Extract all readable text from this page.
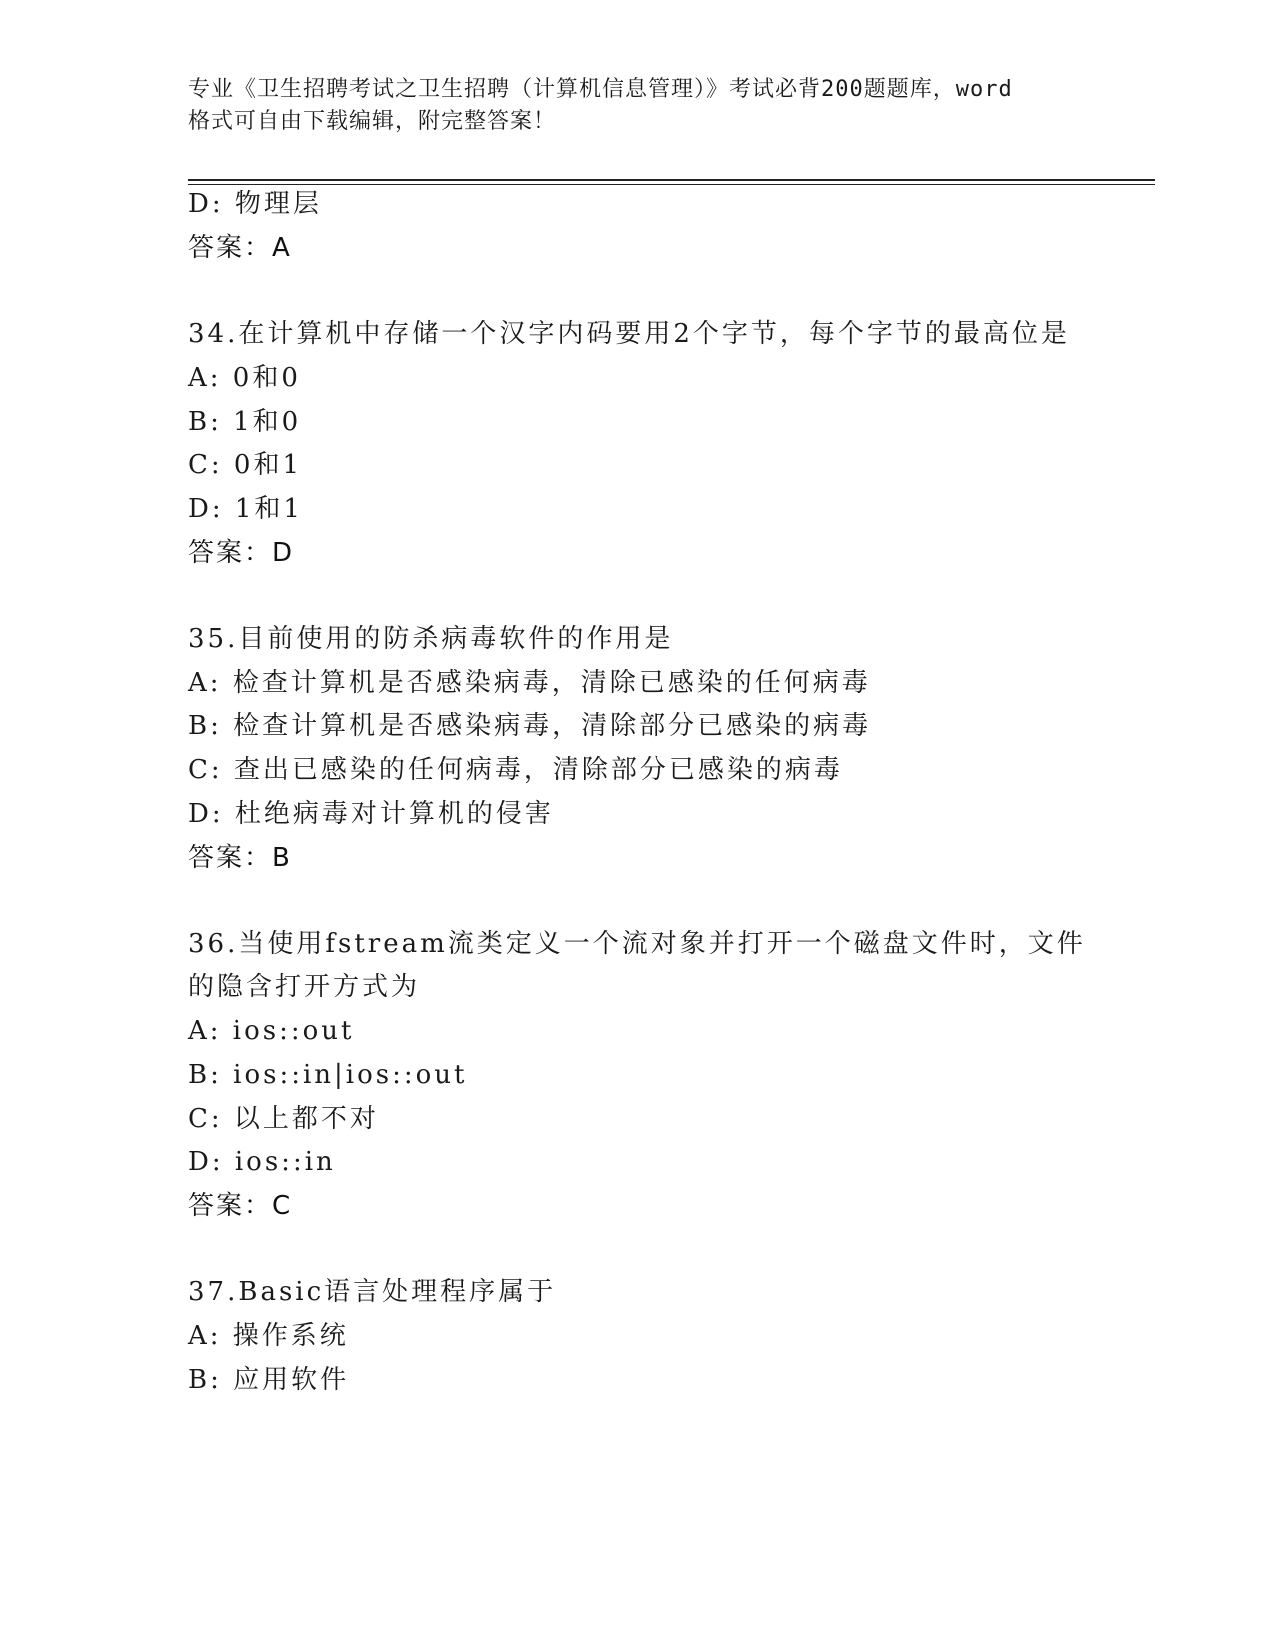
专业《卫生招聘考试之卫生招聘（计算机信息管理）》考试必背200题题库，word
格式可自由下载编辑，附完整答案！
D: 物理层
答案：A
34.在计算机中存储一个汉字内码要用2个字节，每个字节的最高位是
A: 0和0
B: 1和0
C: 0和1
D: 1和1
答案：D
35.目前使用的防杀病毒软件的作用是
A: 检查计算机是否感染病毒，清除已感染的任何病毒
B: 检查计算机是否感染病毒，清除部分已感染的病毒
C: 查出已感染的任何病毒，清除部分已感染的病毒
D: 杜绝病毒对计算机的侵害
答案：B
36.当使用fstream流类定义一个流对象并打开一个磁盘文件时，文件
的隐含打开方式为
A: ios::out
B: ios::in|ios::out
C: 以上都不对
D: ios::in
答案：C
37.Basic语言处理程序属于
A: 操作系统
B: 应用软件
